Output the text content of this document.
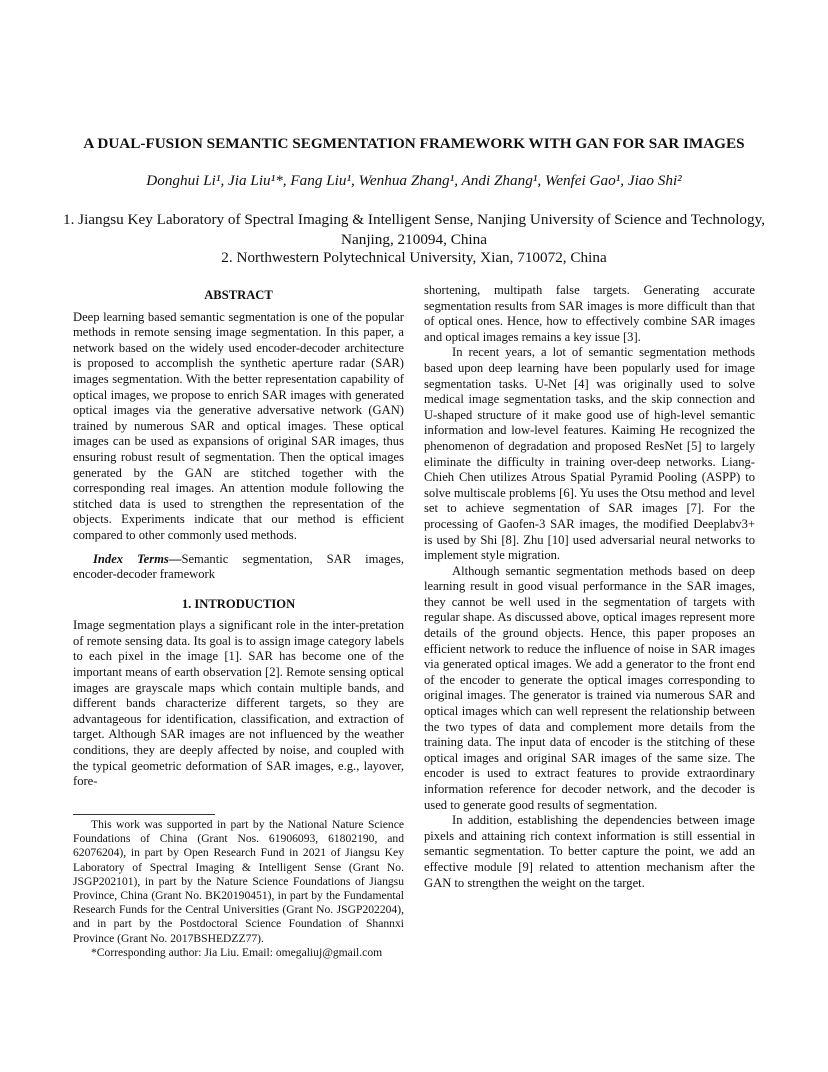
A DUAL-FUSION SEMANTIC SEGMENTATION FRAMEWORK WITH GAN FOR SAR IMAGES
Donghui Li¹, Jia Liu¹*, Fang Liu¹, Wenhua Zhang¹, Andi Zhang¹, Wenfei Gao¹, Jiao Shi²
1. Jiangsu Key Laboratory of Spectral Imaging & Intelligent Sense, Nanjing University of Science and Technology, Nanjing, 210094, China
2. Northwestern Polytechnical University, Xian, 710072, China
ABSTRACT

Deep learning based semantic segmentation is one of the popular methods in remote sensing image segmentation. In this paper, a network based on the widely used encoder-decoder architecture is proposed to accomplish the synthetic aperture radar (SAR) images segmentation. With the better representation capability of optical images, we propose to enrich SAR images with generated optical images via the generative adversative network (GAN) trained by numerous SAR and optical images. These optical images can be used as expansions of original SAR images, thus ensuring robust result of segmentation. Then the optical images generated by the GAN are stitched together with the corresponding real images. An attention module following the stitched data is used to strengthen the representation of the objects. Experiments indicate that our method is efficient compared to other commonly used methods.

Index Terms—Semantic segmentation, SAR images, encoder-decoder framework

1. INTRODUCTION

Image segmentation plays a significant role in the inter-pretation of remote sensing data. Its goal is to assign image category labels to each pixel in the image [1]. SAR has become one of the important means of earth observation [2]. Remote sensing optical images are grayscale maps which contain multiple bands, and different bands characterize different targets, so they are advantageous for identification, classification, and extraction of target. Although SAR images are not influenced by the weather conditions, they are deeply affected by noise, and coupled with the typical geometric deformation of SAR images, e.g., layover, fore-

This work was supported in part by the National Nature Science Foundations of China (Grant Nos. 61906093, 61802190, and 62076204), in part by Open Research Fund in 2021 of Jiangsu Key Laboratory of Spectral Imaging & Intelligent Sense (Grant No. JSGP202101), in part by the Nature Science Foundations of Jiangsu Province, China (Grant No. BK20190451), in part by the Fundamental Research Funds for the Central Universities (Grant No. JSGP202204), and in part by the Postdoctoral Science Foundation of Shannxi Province (Grant No. 2017BSHEDZZ77).

*Corresponding author: Jia Liu. Email: omegaliuj@gmail.com

shortening, multipath false targets. Generating accurate segmentation results from SAR images is more difficult than that of optical ones. Hence, how to effectively combine SAR images and optical images remains a key issue [3].

In recent years, a lot of semantic segmentation methods based upon deep learning have been popularly used for image segmentation tasks. U-Net [4] was originally used to solve medical image segmentation tasks, and the skip connection and U-shaped structure of it make good use of high-level semantic information and low-level features. Kaiming He recognized the phenomenon of degradation and proposed ResNet [5] to largely eliminate the difficulty in training over-deep networks. Liang-Chieh Chen utilizes Atrous Spatial Pyramid Pooling (ASPP) to solve multiscale problems [6]. Yu uses the Otsu method and level set to achieve segmentation of SAR images [7]. For the processing of Gaofen-3 SAR images, the modified Deeplabv3+ is used by Shi [8]. Zhu [10] used adversarial neural networks to implement style migration.

Although semantic segmentation methods based on deep learning result in good visual performance in the SAR images, they cannot be well used in the segmentation of targets with regular shape. As discussed above, optical images represent more details of the ground objects. Hence, this paper proposes an efficient network to reduce the influence of noise in SAR images via generated optical images. We add a generator to the front end of the encoder to generate the optical images corresponding to original images. The generator is trained via numerous SAR and optical images which can well represent the relationship between the two types of data and complement more details from the training data. The input data of encoder is the stitching of these optical images and original SAR images of the same size. The encoder is used to extract features to provide extraordinary information reference for decoder network, and the decoder is used to generate good results of segmentation.

In addition, establishing the dependencies between image pixels and attaining rich context information is still essential in semantic segmentation. To better capture the point, we add an effective module [9] related to attention mechanism after the GAN to strengthen the weight on the target.
